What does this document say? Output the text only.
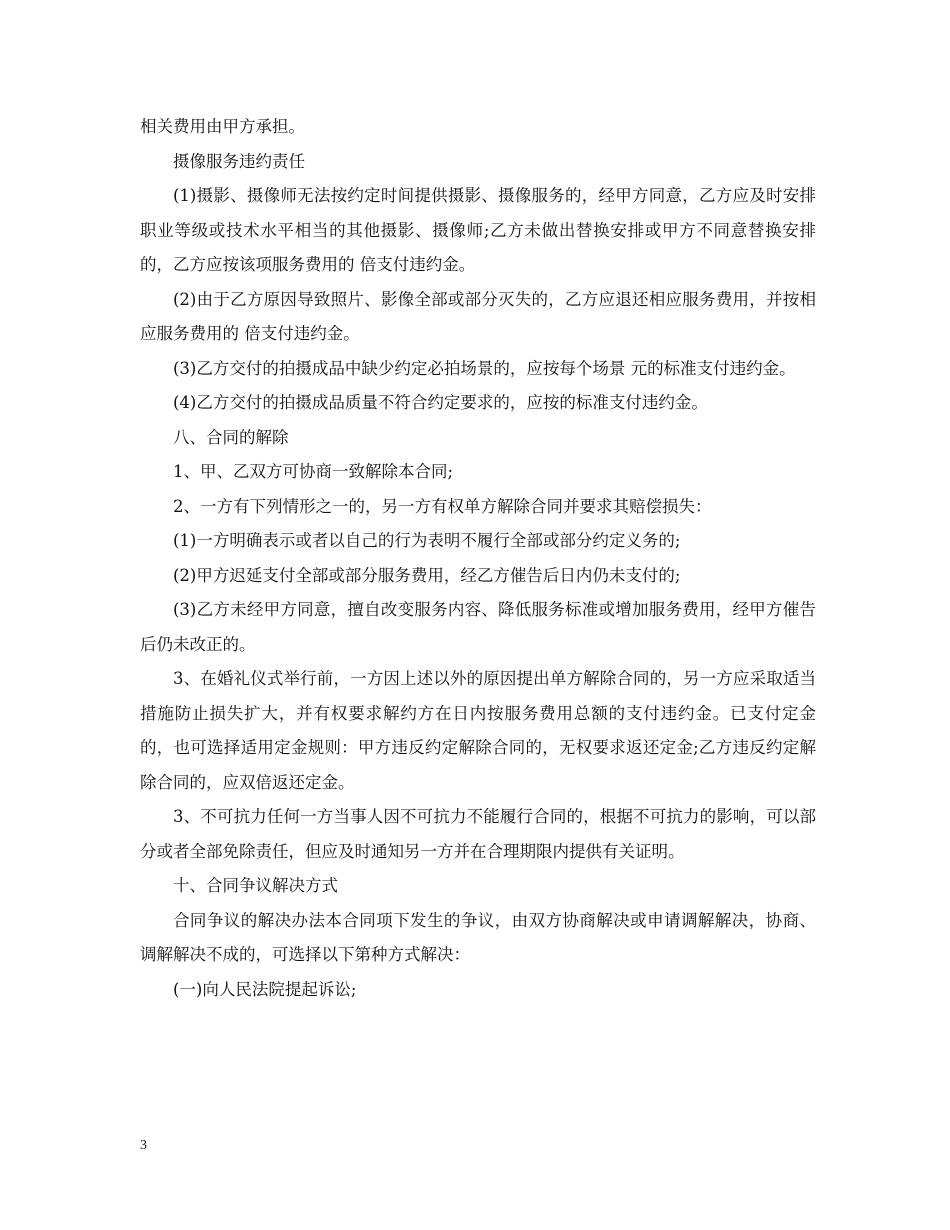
相关费用由甲方承担。

摄像服务违约责任

(1)摄影、摄像师无法按约定时间提供摄影、摄像服务的，经甲方同意，乙方应及时安排职业等级或技术水平相当的其他摄影、摄像师;乙方未做出替换安排或甲方不同意替换安排的，乙方应按该项服务费用的 倍支付违约金。

(2)由于乙方原因导致照片、影像全部或部分灭失的，乙方应退还相应服务费用，并按相应服务费用的 倍支付违约金。

(3)乙方交付的拍摄成品中缺少约定必拍场景的，应按每个场景 元的标准支付违约金。

(4)乙方交付的拍摄成品质量不符合约定要求的，应按的标准支付违约金。

八、合同的解除

1、甲、乙双方可协商一致解除本合同;

2、一方有下列情形之一的，另一方有权单方解除合同并要求其赔偿损失：

(1)一方明确表示或者以自己的行为表明不履行全部或部分约定义务的;

(2)甲方迟延支付全部或部分服务费用，经乙方催告后日内仍未支付的;

(3)乙方未经甲方同意，擅自改变服务内容、降低服务标准或增加服务费用，经甲方催告后仍未改正的。

3、在婚礼仪式举行前，一方因上述以外的原因提出单方解除合同的，另一方应采取适当措施防止损失扩大，并有权要求解约方在日内按服务费用总额的支付违约金。已支付定金的，也可选择适用定金规则：甲方违反约定解除合同的，无权要求返还定金;乙方违反约定解除合同的，应双倍返还定金。

3、不可抗力任何一方当事人因不可抗力不能履行合同的，根据不可抗力的影响，可以部分或者全部免除责任，但应及时通知另一方并在合理期限内提供有关证明。

十、合同争议解决方式

合同争议的解决办法本合同项下发生的争议，由双方协商解决或申请调解解决，协商、调解解决不成的，可选择以下第种方式解决：

(一)向人民法院提起诉讼;

3
